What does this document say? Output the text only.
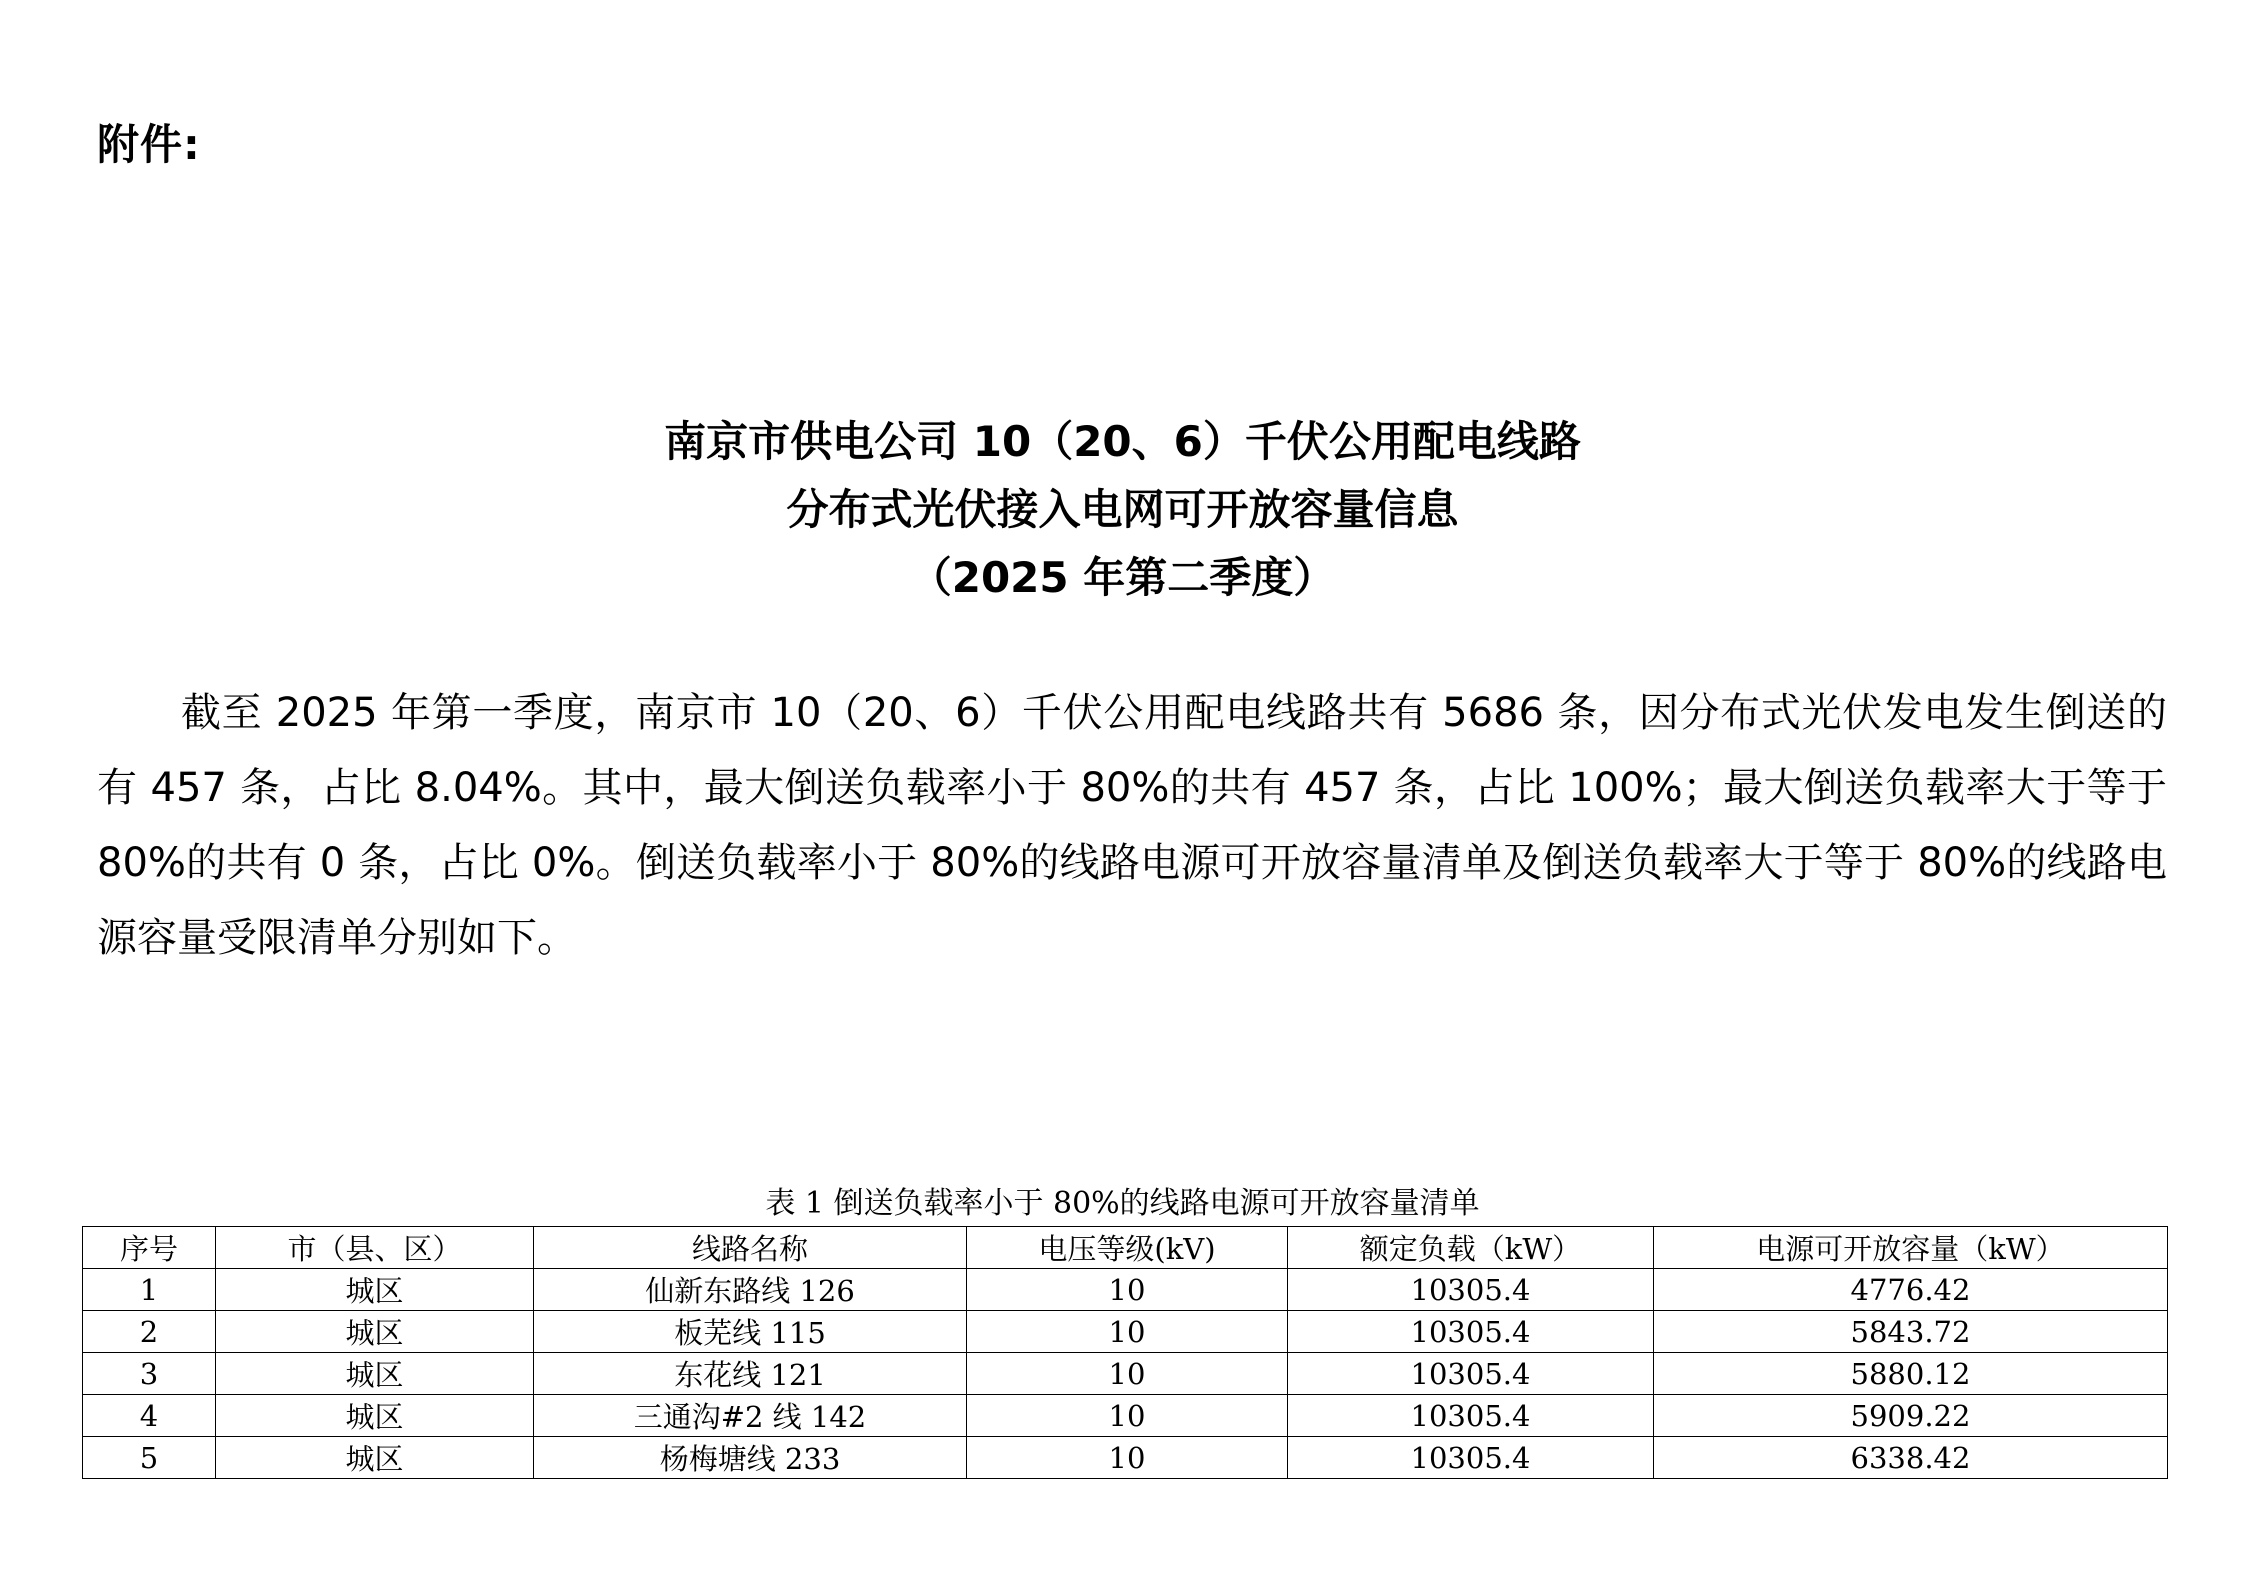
附件:
南京市供电公司 10（20、6）千伏公用配电线路
分布式光伏接入电网可开放容量信息
（2025 年第二季度）
截至 2025 年第一季度，南京市 10（20、6）千伏公用配电线路共有 5686 条，因分布式光伏发电发生倒送的有 457 条，占比 8.04%。其中，最大倒送负载率小于 80%的共有 457 条，占比 100%；最大倒送负载率大于等于 80%的共有 0 条，占比 0%。倒送负载率小于 80%的线路电源可开放容量清单及倒送负载率大于等于 80%的线路电源容量受限清单分别如下。
表 1 倒送负载率小于 80%的线路电源可开放容量清单
序号	市（县、区）	线路名称	电压等级(kV)	额定负载（kW）	电源可开放容量（kW）
1	城区	仙新东路线 126	10	10305.4	4776.42
2	城区	板芜线 115	10	10305.4	5843.72
3	城区	东花线 121	10	10305.4	5880.12
4	城区	三通沟#2 线 142	10	10305.4	5909.22
5	城区	杨梅塘线 233	10	10305.4	6338.42
